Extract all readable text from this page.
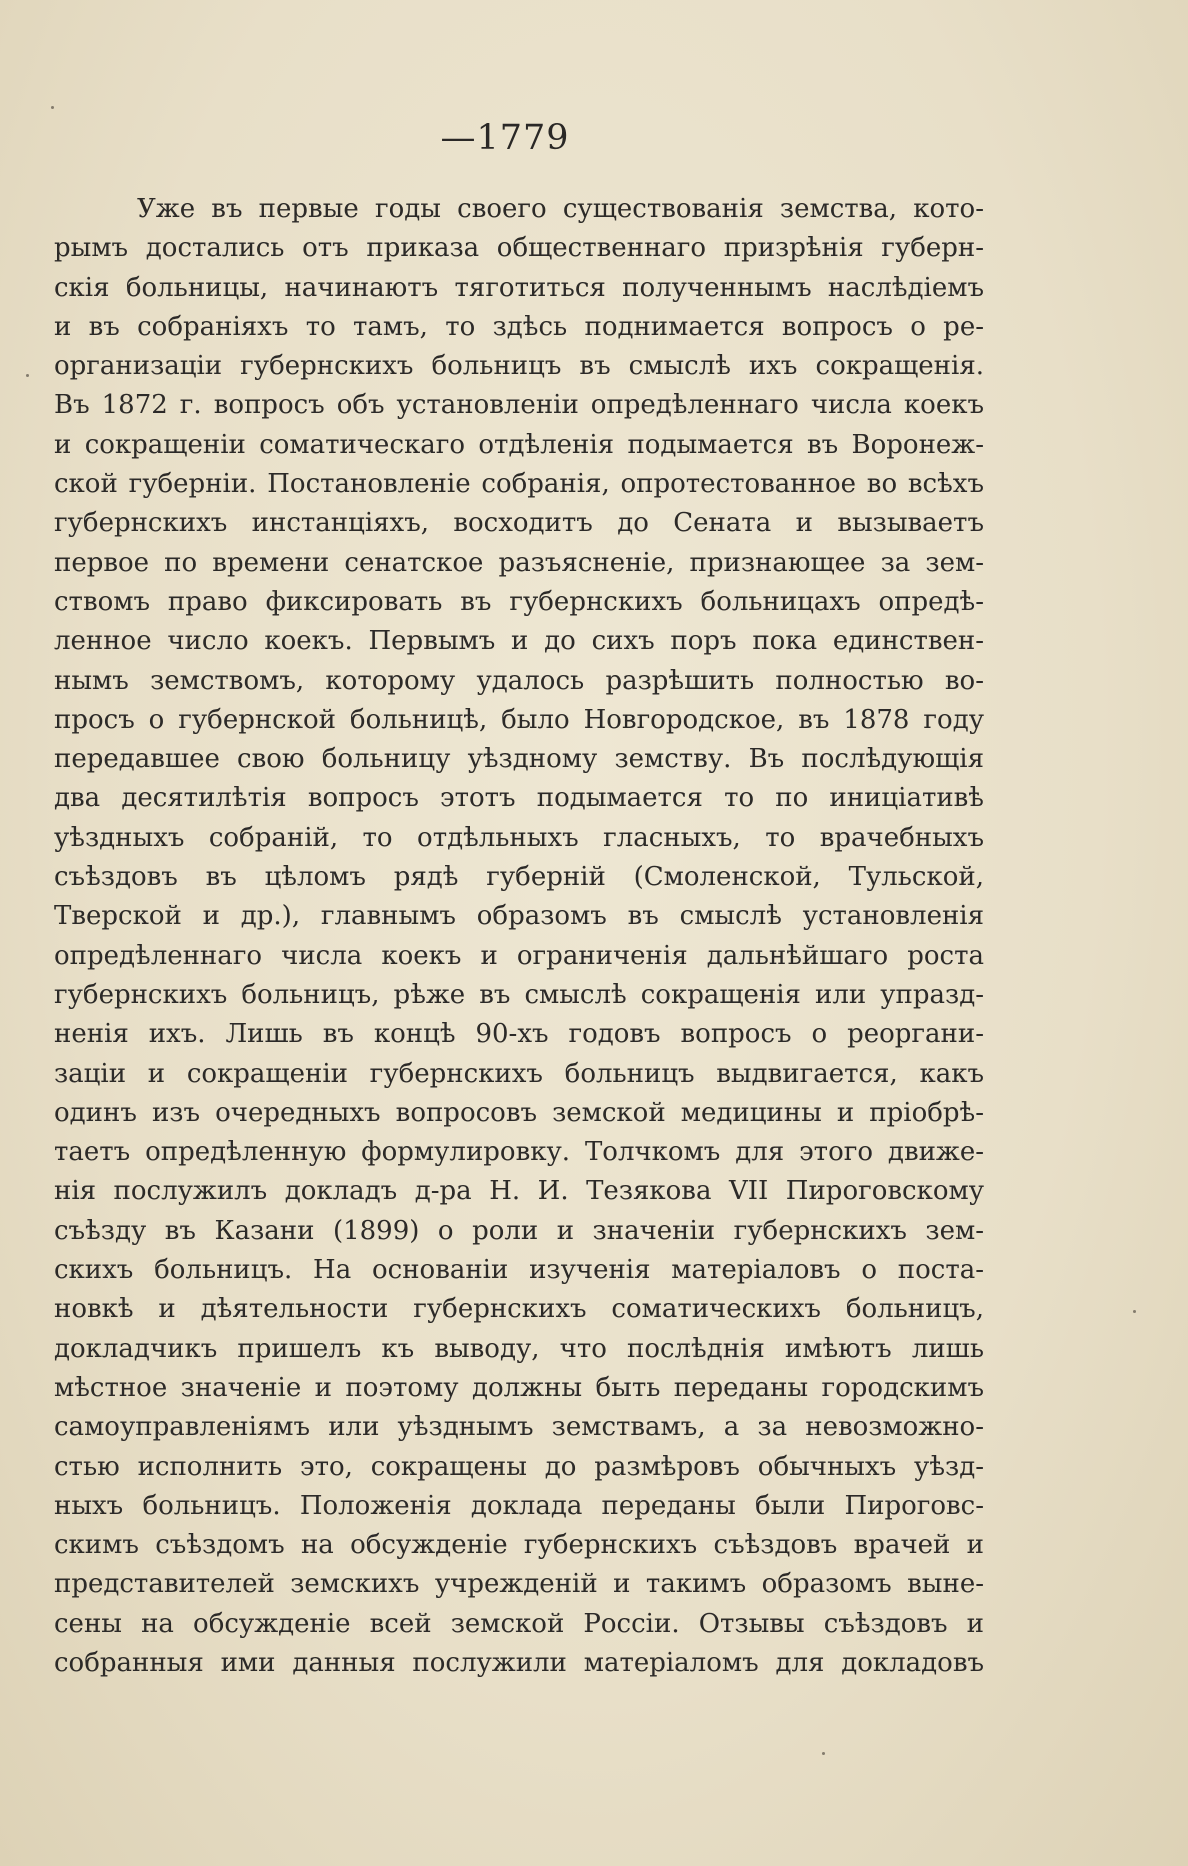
—1779
Уже въ первые годы своего существованія земства, кото-
рымъ достались отъ приказа общественнаго призрѣнія губерн-
скія больницы, начинаютъ тяготиться полученнымъ наслѣдіемъ
и въ собраніяхъ то тамъ, то здѣсь поднимается вопросъ о ре-
организаціи губернскихъ больницъ въ смыслѣ ихъ сокращенія.
Въ 1872 г. вопросъ объ установленіи опредѣленнаго числа коекъ
и сокращеніи соматическаго отдѣленія подымается въ Воронеж-
ской губерніи. Постановленіе собранія, опротестованное во всѣхъ
губернскихъ инстанціяхъ, восходитъ до Сената и вызываетъ
первое по времени сенатское разъясненіе, признающее за зем-
ствомъ право фиксировать въ губернскихъ больницахъ опредѣ-
ленное число коекъ. Первымъ и до сихъ поръ пока единствен-
нымъ земствомъ, которому удалось разрѣшить полностью во-
просъ о губернской больницѣ, было Новгородское, въ 1878 году
передавшее свою больницу уѣздному земству. Въ послѣдующія
два десятилѣтія вопросъ этотъ подымается то по иниціативѣ
уѣздныхъ собраній, то отдѣльныхъ гласныхъ, то врачебныхъ
съѣздовъ въ цѣломъ рядѣ губерній (Смоленской, Тульской,
Тверской и др.), главнымъ образомъ въ смыслѣ установленія
опредѣленнаго числа коекъ и ограниченія дальнѣйшаго роста
губернскихъ больницъ, рѣже въ смыслѣ сокращенія или упразд-
ненія ихъ. Лишь въ концѣ 90-хъ годовъ вопросъ о реоргани-
заціи и сокращеніи губернскихъ больницъ выдвигается, какъ
одинъ изъ очередныхъ вопросовъ земской медицины и пріобрѣ-
таетъ опредѣленную формулировку. Толчкомъ для этого движе-
нія послужилъ докладъ д-ра Н. И. Тезякова VII Пироговскому
съѣзду въ Казани (1899) о роли и значеніи губернскихъ зем-
скихъ больницъ. На основаніи изученія матеріаловъ о поста-
новкѣ и дѣятельности губернскихъ соматическихъ больницъ,
докладчикъ пришелъ къ выводу, что послѣднія имѣютъ лишь
мѣстное значеніе и поэтому должны быть переданы городскимъ
самоуправленіямъ или уѣзднымъ земствамъ, а за невозможно-
стью исполнить это, сокращены до размѣровъ обычныхъ уѣзд-
ныхъ больницъ. Положенія доклада переданы были Пироговс-
скимъ съѣздомъ на обсужденіе губернскихъ съѣздовъ врачей и
представителей земскихъ учрежденій и такимъ образомъ выне-
сены на обсужденіе всей земской Россіи. Отзывы съѣздовъ и
собранныя ими данныя послужили матеріаломъ для докладовъ
